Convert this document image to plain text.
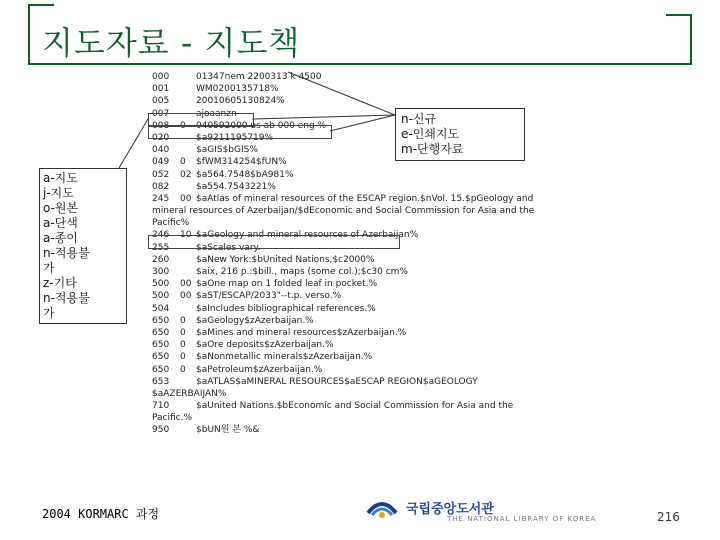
지도자료 - 지도책
000	01347nem 2200313 k 4500
001	WM0200135718%
005	20010605130824%
007	ajoaanzn
008 0 040592000 us ab 000 eng %
020	$a9211195719%
040	$aGIS$bGIS%
049 0 $fWM314254$fUN%
052 02 $a564.7548$bA981%
082	$a554.7543221%
245 00 $aAtlas of mineral resources of the ESCAP region.$nVol. 15.$pGeology and
mineral resources of Azerbaijan/$dEconomic and Social Commission for Asia and the
Pacific%
246 10 $aGeology and mineral resources of Azerbaijan%
255	$aScales vary.
260	$aNew York:$bUnited Nations,$c2000%
300	$aix, 216 p.:$bill., maps (some col.);$c30 cm%
500 00 $aOne map on 1 folded leaf in pocket.%
500 00 $aST/ESCAP/2033"--t.p. verso.%
504	$aIncludes bibliographical references.%
650 0 $aGeology$zAzerbaijan.%
650 0 $aMines and mineral resources$zAzerbaijan.%
650 0 $aOre deposits$zAzerbaijan.%
650 0 $aNonmetallic minerals$zAzerbaijan.%
650 0 $aPetroleum$zAzerbaijan.%
653	$aATLAS$aMINERAL RESOURCES$aESCAP REGION$aGEOLOGY
$aAZERBAIJAN%
710	$aUnited Nations.$bEconomic and Social Commission for Asia and the
Pacific.%
950	$bUN원 본 %&
a-지도
j-지도
o-원본
a-단색
a-종이
n-적용불
가
z-기타
n-적용불
가
n-신규
e-인쇄지도
m-단행자료
2004 KORMARC 과정	국립중앙도서관
THE NATIONAL LIBRARY OF KOREA	216
